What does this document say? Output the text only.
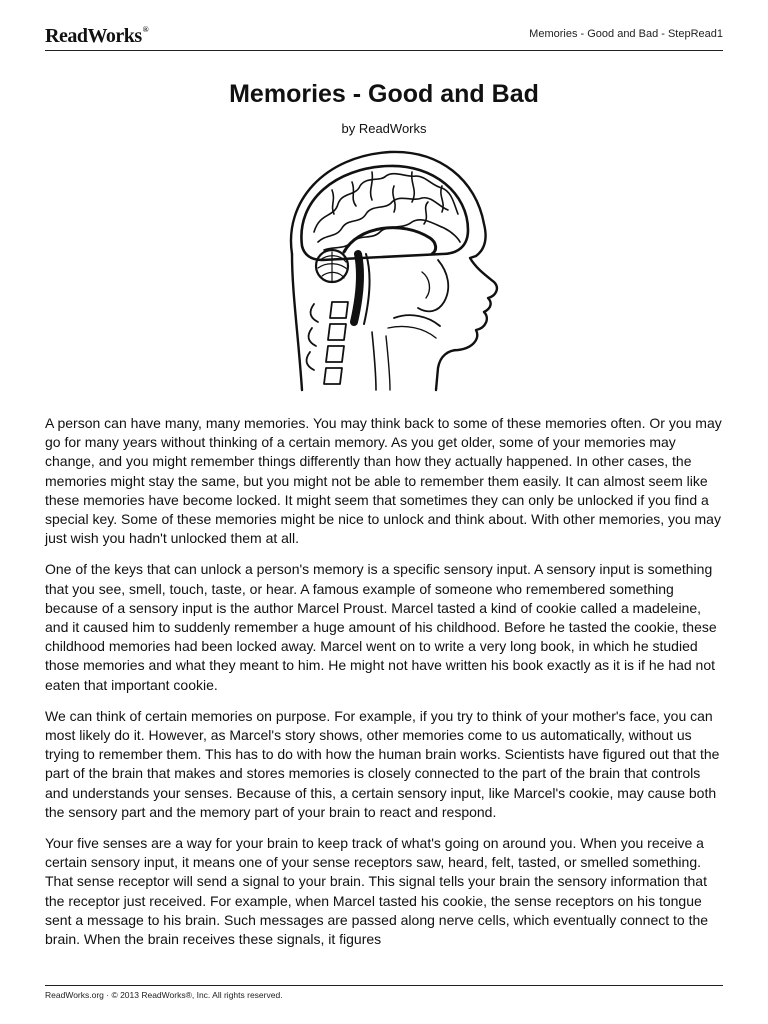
ReadWorks®	Memories - Good and Bad - StepRead1
Memories - Good and Bad
by ReadWorks

A person can have many, many memories. You may think back to some of these memories often. Or you may go for many years without thinking of a certain memory. As you get older, some of your memories may change, and you might remember things differently than how they actually happened. In other cases, the memories might stay the same, but you might not be able to remember them easily. It can almost seem like these memories have become locked. It might seem that sometimes they can only be unlocked if you find a special key. Some of these memories might be nice to unlock and think about. With other memories, you may just wish you hadn't unlocked them at all.

One of the keys that can unlock a person's memory is a specific sensory input. A sensory input is something that you see, smell, touch, taste, or hear. A famous example of someone who remembered something because of a sensory input is the author Marcel Proust. Marcel tasted a kind of cookie called a madeleine, and it caused him to suddenly remember a huge amount of his childhood. Before he tasted the cookie, these childhood memories had been locked away. Marcel went on to write a very long book, in which he studied those memories and what they meant to him. He might not have written his book exactly as it is if he had not eaten that important cookie.

We can think of certain memories on purpose. For example, if you try to think of your mother's face, you can most likely do it. However, as Marcel's story shows, other memories come to us automatically, without us trying to remember them. This has to do with how the human brain works. Scientists have figured out that the part of the brain that makes and stores memories is closely connected to the part of the brain that controls and understands your senses. Because of this, a certain sensory input, like Marcel's cookie, may cause both the sensory part and the memory part of your brain to react and respond.

Your five senses are a way for your brain to keep track of what's going on around you. When you receive a certain sensory input, it means one of your sense receptors saw, heard, felt, tasted, or smelled something. That sense receptor will send a signal to your brain. This signal tells your brain the sensory information that the receptor just received. For example, when Marcel tasted his cookie, the sense receptors on his tongue sent a message to his brain. Such messages are passed along nerve cells, which eventually connect to the brain. When the brain receives these signals, it figures

ReadWorks.org · © 2013 ReadWorks®, Inc. All rights reserved.
